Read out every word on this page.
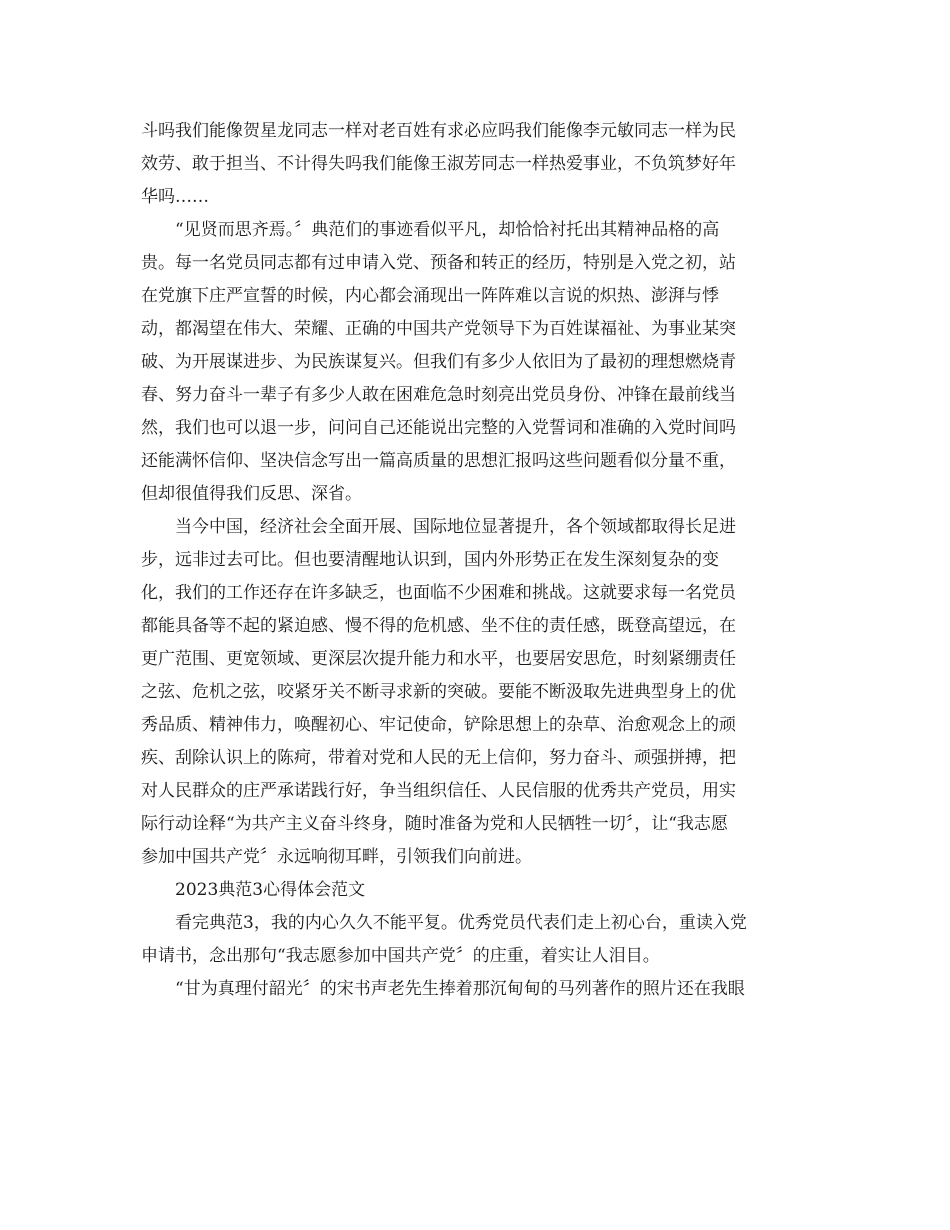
斗吗我们能像贺星龙同志一样对老百姓有求必应吗我们能像李元敏同志一样为民
效劳、敢于担当、不计得失吗我们能像王淑芳同志一样热爱事业，不负筑梦好年
华吗……
　　“见贤而思齐焉。〞典范们的事迹看似平凡，却恰恰衬托出其精神品格的高
贵。每一名党员同志都有过申请入党、预备和转正的经历，特别是入党之初，站
在党旗下庄严宣誓的时候，内心都会涌现出一阵阵难以言说的炽热、澎湃与悸
动，都渴望在伟大、荣耀、正确的中国共产党领导下为百姓谋福祉、为事业某突
破、为开展谋进步、为民族谋复兴。但我们有多少人依旧为了最初的理想燃烧青
春、努力奋斗一辈子有多少人敢在困难危急时刻亮出党员身份、冲锋在最前线当
然，我们也可以退一步，问问自己还能说出完整的入党誓词和准确的入党时间吗
还能满怀信仰、坚决信念写出一篇高质量的思想汇报吗这些问题看似分量不重，
但却很值得我们反思、深省。
　　当今中国，经济社会全面开展、国际地位显著提升，各个领域都取得长足进
步，远非过去可比。但也要清醒地认识到，国内外形势正在发生深刻复杂的变
化，我们的工作还存在许多缺乏，也面临不少困难和挑战。这就要求每一名党员
都能具备等不起的紧迫感、慢不得的危机感、坐不住的责任感，既登高望远，在
更广范围、更宽领域、更深层次提升能力和水平，也要居安思危，时刻紧绷责任
之弦、危机之弦，咬紧牙关不断寻求新的突破。要能不断汲取先进典型身上的优
秀品质、精神伟力，唤醒初心、牢记使命，铲除思想上的杂草、治愈观念上的顽
疾、刮除认识上的陈疴，带着对党和人民的无上信仰，努力奋斗、顽强拼搏，把
对人民群众的庄严承诺践行好，争当组织信任、人民信服的优秀共产党员，用实
际行动诠释“为共产主义奋斗终身，随时准备为党和人民牺牲一切〞，让“我志愿
参加中国共产党〞永远响彻耳畔，引领我们向前进。
　　2023典范3心得体会范文
　　看完典范3，我的内心久久不能平复。优秀党员代表们走上初心台，重读入党
申请书，念出那句“我志愿参加中国共产党〞的庄重，着实让人泪目。
　　“甘为真理付韶光〞的宋书声老先生捧着那沉甸甸的马列著作的照片还在我眼
